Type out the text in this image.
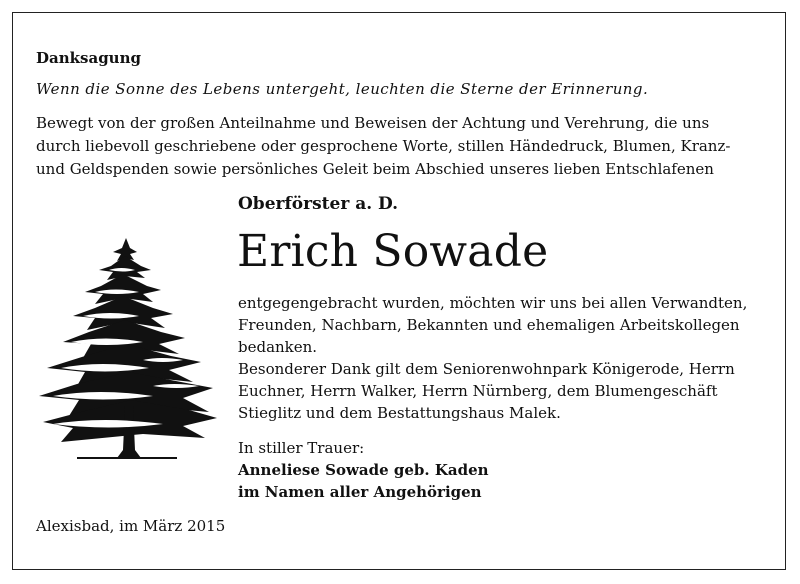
Danksagung
Wenn die Sonne des Lebens untergeht, leuchten die Sterne der Erinnerung.
Bewegt von der großen Anteilnahme und Beweisen der Achtung und Verehrung, die uns
durch liebevoll geschriebene oder gesprochene Worte, stillen Händedruck, Blumen, Kranz-
und Geldspenden sowie persönliches Geleit beim Abschied unseres lieben Entschlafenen
Oberförster a. D.
Erich Sowade
entgegengebracht wurden, möchten wir uns bei allen Verwandten,
Freunden, Nachbarn, Bekannten und ehemaligen Arbeitskollegen
bedanken.
Besonderer Dank gilt dem Seniorenwohnpark Königerode, Herrn
Euchner, Herrn Walker, Herrn Nürnberg, dem Blumengeschäft
Stieglitz und dem Bestattungshaus Malek.
In stiller Trauer:
Anneliese Sowade geb. Kaden
im Namen aller Angehörigen
Alexisbad, im März 2015
